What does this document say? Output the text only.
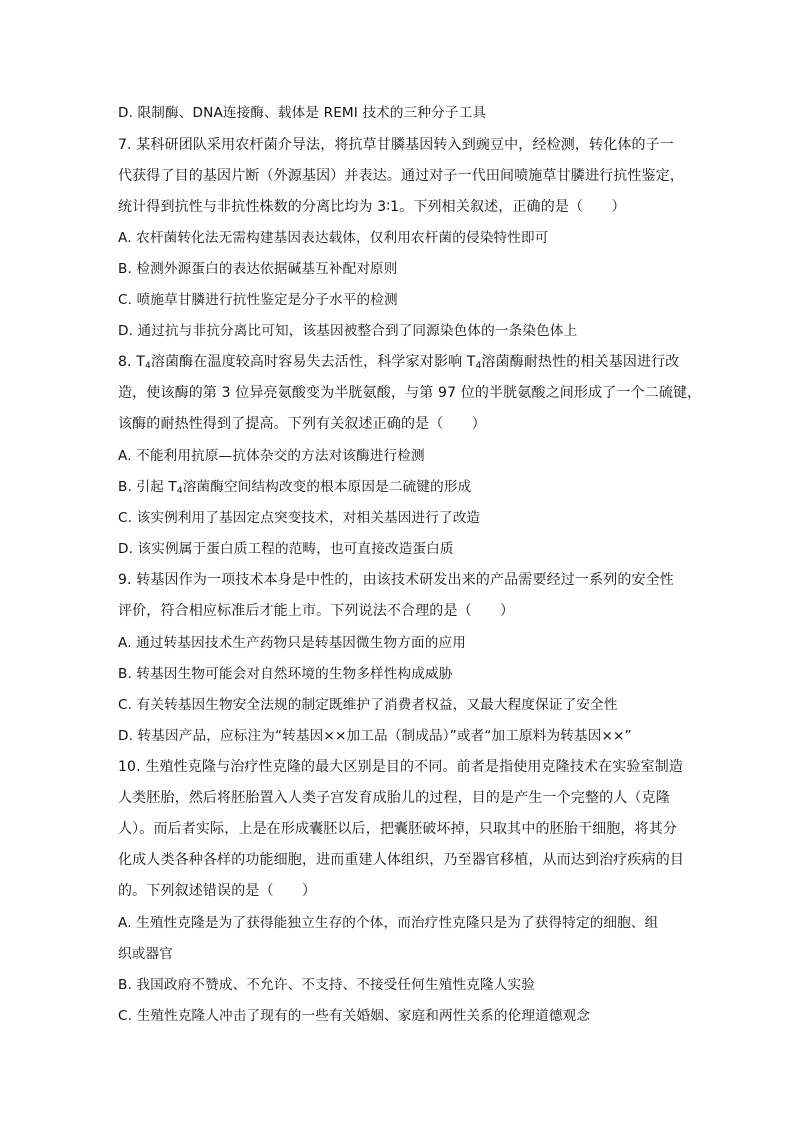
D. 限制酶、DNA连接酶、载体是 REMI 技术的三种分子工具
7. 某科研团队采用农杆菌介导法，将抗草甘膦基因转入到豌豆中，经检测，转化体的子一
代获得了目的基因片断（外源基因）并表达。通过对子一代田间喷施草甘膦进行抗性鉴定，
统计得到抗性与非抗性株数的分离比均为 3∶1。下列相关叙述，正确的是（　　）
A. 农杆菌转化法无需构建基因表达载体，仅利用农杆菌的侵染特性即可
B. 检测外源蛋白的表达依据碱基互补配对原则
C. 喷施草甘膦进行抗性鉴定是分子水平的检测
D. 通过抗与非抗分离比可知，该基因被整合到了同源染色体的一条染色体上
8. $T_4$溶菌酶在温度较高时容易失去活性，科学家对影响 $T_4$溶菌酶耐热性的相关基因进行改
造，使该酶的第 3 位异亮氨酸变为半胱氨酸，与第 97 位的半胱氨酸之间形成了一个二硫键，
该酶的耐热性得到了提高。下列有关叙述正确的是（　　）
A. 不能利用抗原—抗体杂交的方法对该酶进行检测
B. 引起 $T_4$溶菌酶空间结构改变的根本原因是二硫键的形成
C. 该实例利用了基因定点突变技术，对相关基因进行了改造
D. 该实例属于蛋白质工程的范畴，也可直接改造蛋白质
9. 转基因作为一项技术本身是中性的，由该技术研发出来的产品需要经过一系列的安全性
评价，符合相应标准后才能上市。下列说法不合理的是（　　）
A. 通过转基因技术生产药物只是转基因微生物方面的应用
B. 转基因生物可能会对自然环境的生物多样性构成威胁
C. 有关转基因生物安全法规的制定既维护了消费者权益，又最大程度保证了安全性
D. 转基因产品，应标注为“转基因××加工品（制成品）”或者“加工原料为转基因××”
10. 生殖性克隆与治疗性克隆的最大区别是目的不同。前者是指使用克隆技术在实验室制造
人类胚胎，然后将胚胎置入人类子宫发育成胎儿的过程，目的是产生一个完整的人（克隆
人）。而后者实际，上是在形成囊胚以后，把囊胚破坏掉，只取其中的胚胎干细胞，将其分
化成人类各种各样的功能细胞，进而重建人体组织，乃至器官移植，从而达到治疗疾病的目
的。下列叙述错误的是（　　）
A. 生殖性克隆是为了获得能独立生存的个体，而治疗性克隆只是为了获得特定的细胞、组
织或器官
B. 我国政府不赞成、不允许、不支持、不接受任何生殖性克隆人实验
C. 生殖性克隆人冲击了现有的一些有关婚姻、家庭和两性关系的伦理道德观念
